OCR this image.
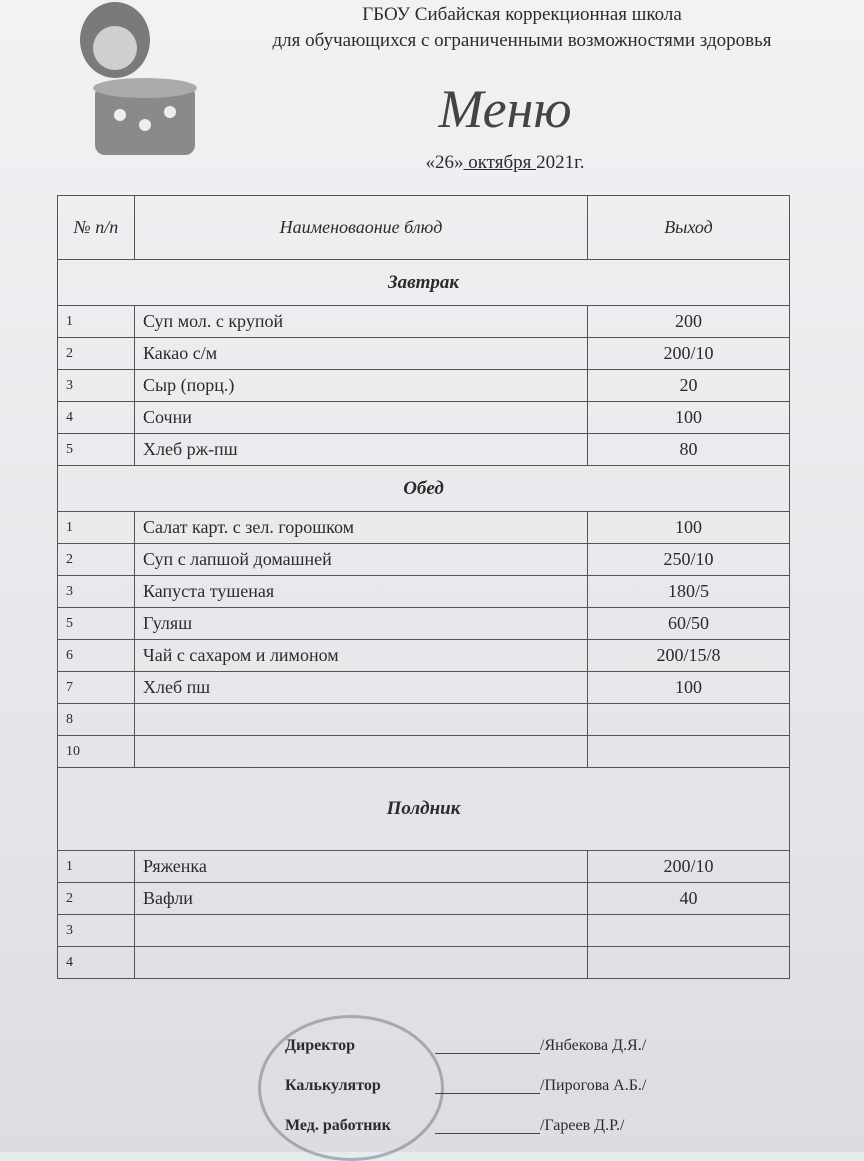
ГБОУ Сибайская коррекционная школа
для обучающихся с ограниченными возможностями здоровья
Меню
«26» октября 2021г.
№ п/п	Наименоваоние блюд	Выход
Завтрак		
1	Суп мол. с крупой	200
2	Какао с/м	200/10
3	Сыр (порц.)	20
4	Сочни	100
5	Хлеб рж-пш	80
Обед		
1	Салат карт. с зел. горошком	100
2	Суп с лапшой домашней	250/10
3	Капуста тушеная	180/5
5	Гуляш	60/50
6	Чай с сахаром и лимоном	200/15/8
7	Хлеб пш	100
8		
10		
Полдник		
1	Ряженка	200/10
2	Вафли	40
3		
4		
Директор	/Янбекова Д.Я./
Калькулятор	/Пирогова А.Б./
Мед. работник	/Гареев Д.Р./
